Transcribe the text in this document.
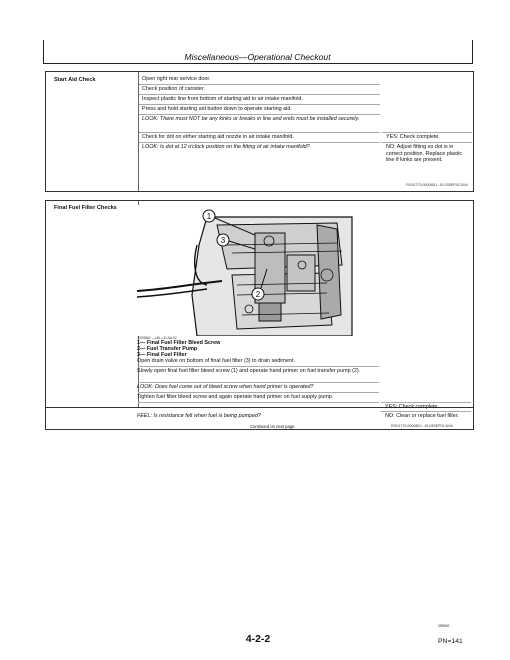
Miscellaneous—Operational Checkout
Start Aid Check	Open right rear service door.
Check position of canister.
Inspect plastic line from bottom of starting aid to air intake manifold.
Press and hold starting aid button down to operate starting aid.
LOOK: There must NOT be any kinks or breaks in line and ends must be installed securely.
Check for dot on either starting aid nozzle in air intake manifold.
LOOK: Is dot at 12 o'clock position on the fitting of air intake manifold?
YES: Check complete.
NO: Adjust fitting so dot is in correct position. Replace plastic line if kinks are present.
RG01770,00008D1 -19-03SEP02-5/44
Final Fuel Filter Checks
1
3
2
TX09862 —UN—11JUL02
1— Final Fuel Filter Bleed Screw
2— Fuel Transfer Pump
3— Final Fuel Filter
Open drain valve on bottom of final fuel filter (3) to drain sediment.
Slowly open final fuel filter bleed screw (1) and operate hand primer on fuel transfer pump (2).
LOOK: Does fuel come out of bleed screw when hand primer is operated?
Tighten fuel filter bleed screw and again operate hand primer on fuel supply pump.
FEEL: Is resistance felt when fuel is being pumped?
YES: Check complete.
NO: Clean or replace fuel filter.
Continued on next page	RG01770,00008D1 -19-03SEP02-6/44
4-2-2
090910
PN=141
